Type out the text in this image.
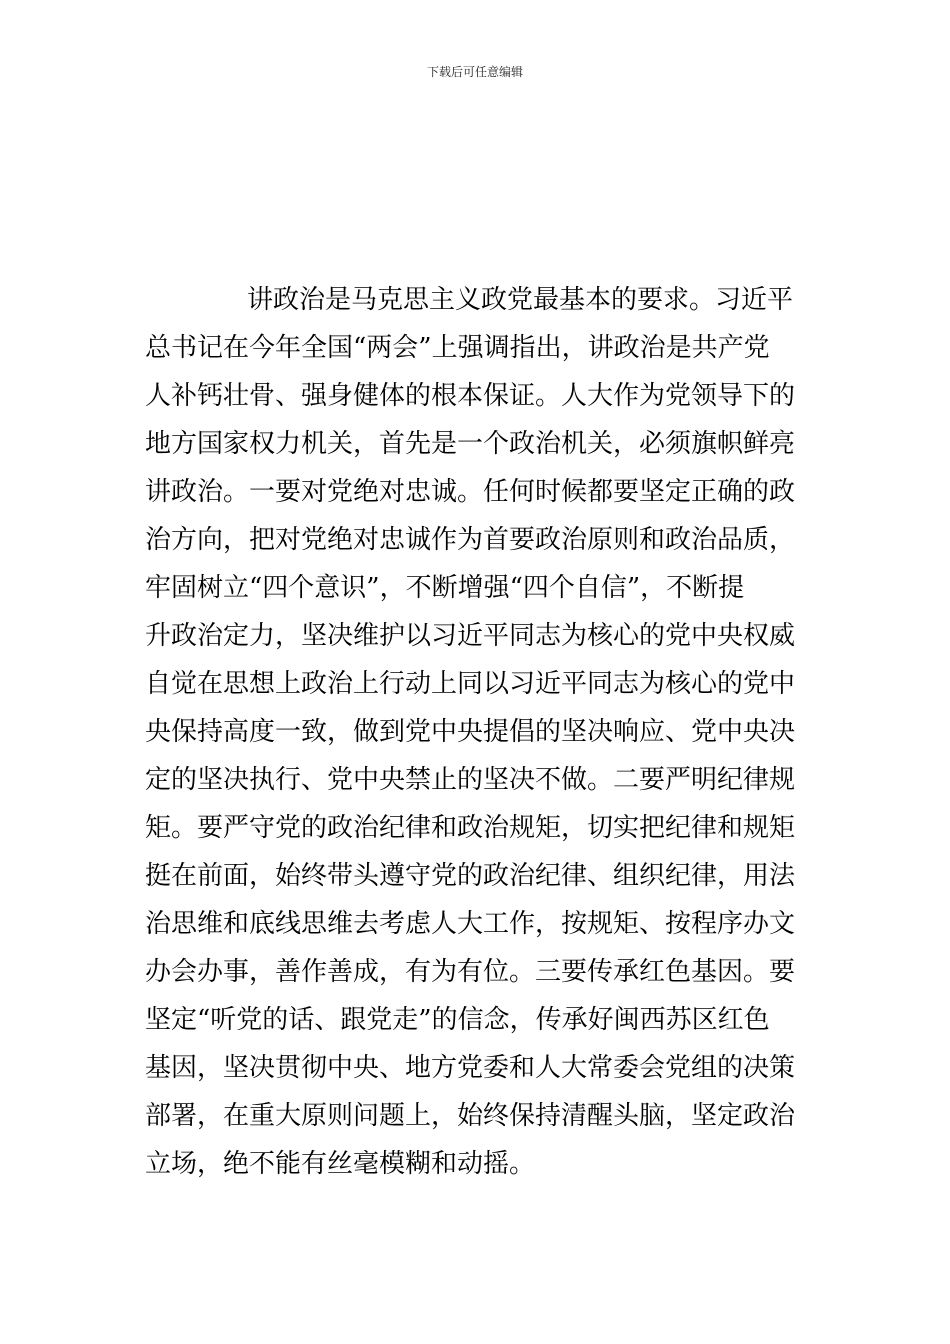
下载后可任意编辑
讲政治是马克思主义政党最基本的要求。习近平
总书记在今年全国“两会”上强调指出，讲政治是共产党
人补钙壮骨、强身健体的根本保证。人大作为党领导下的
地方国家权力机关，首先是一个政治机关，必须旗帜鲜亮
讲政治。一要对党绝对忠诚。任何时候都要坚定正确的政
治方向，把对党绝对忠诚作为首要政治原则和政治品质，
牢固树立“四个意识”，不断增强“四个自信”，不断提
升政治定力，坚决维护以习近平同志为核心的党中央权威
自觉在思想上政治上行动上同以习近平同志为核心的党中
央保持高度一致，做到党中央提倡的坚决响应、党中央决
定的坚决执行、党中央禁止的坚决不做。二要严明纪律规
矩。要严守党的政治纪律和政治规矩，切实把纪律和规矩
挺在前面，始终带头遵守党的政治纪律、组织纪律，用法
治思维和底线思维去考虑人大工作，按规矩、按程序办文
办会办事，善作善成，有为有位。三要传承红色基因。要
坚定“听党的话、跟党走”的信念，传承好闽西苏区红色
基因，坚决贯彻中央、地方党委和人大常委会党组的决策
部署，在重大原则问题上，始终保持清醒头脑，坚定政治
立场，绝不能有丝毫模糊和动摇。
